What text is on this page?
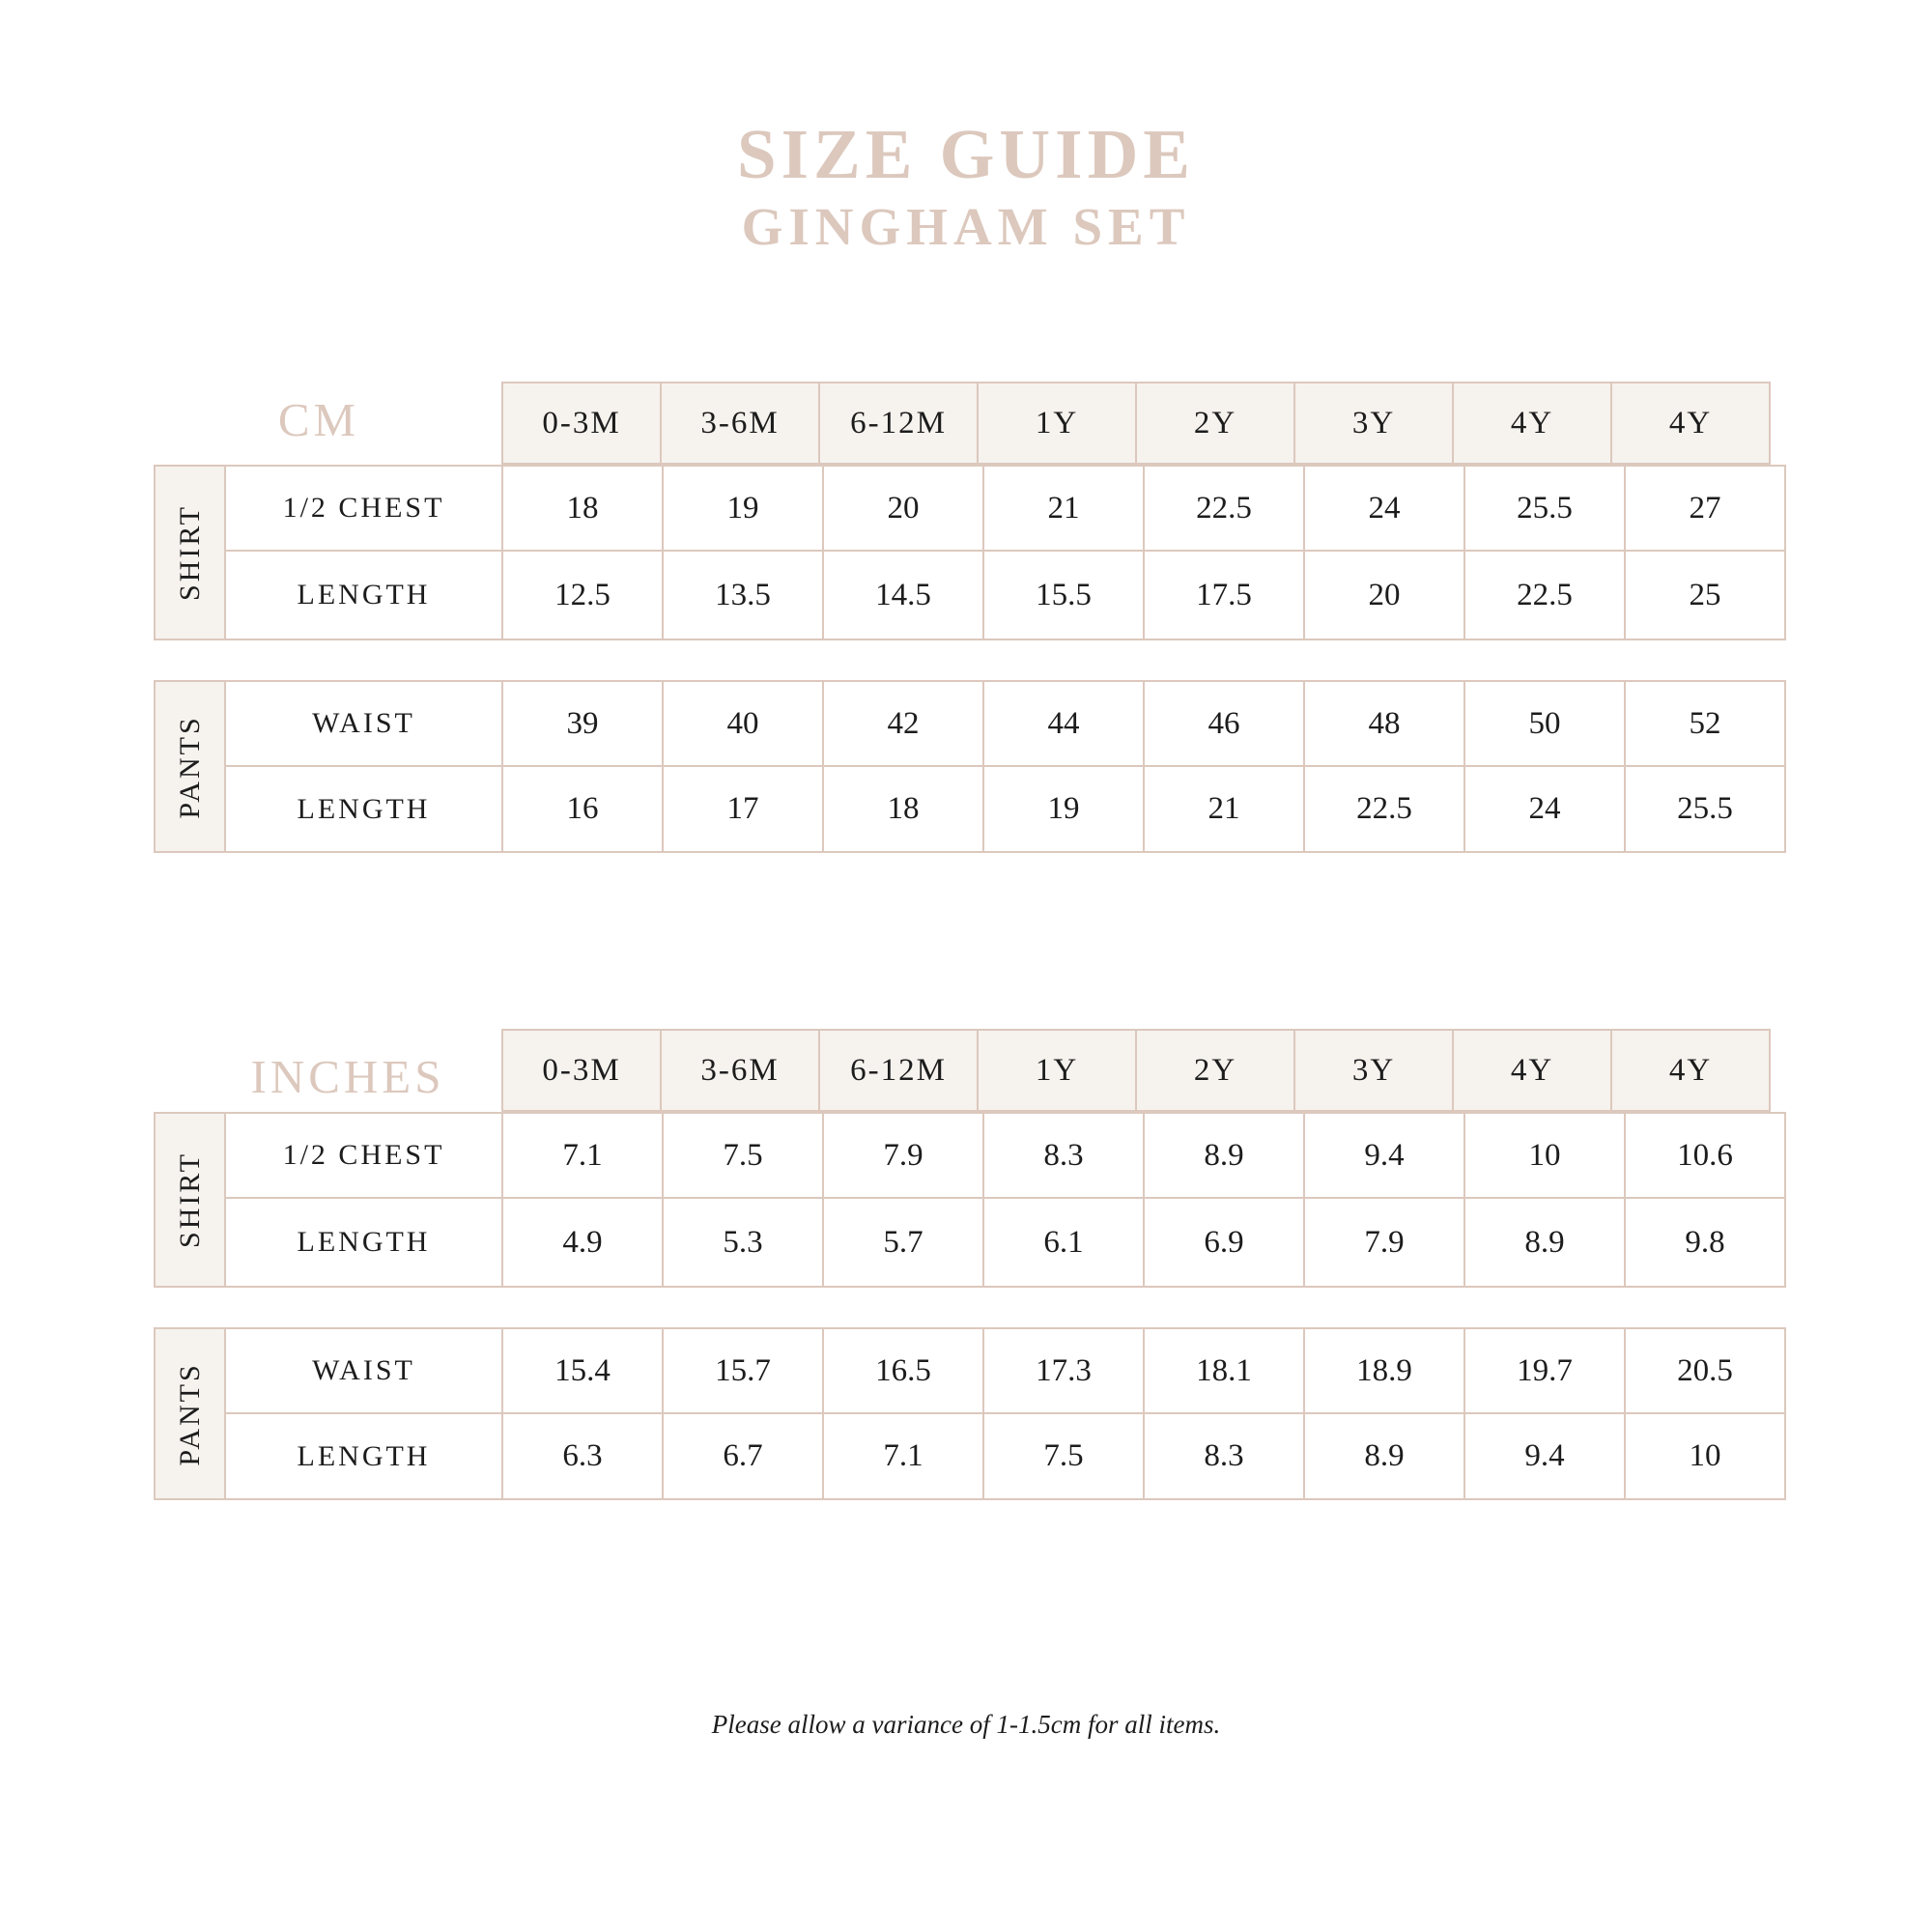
SIZE GUIDE
GINGHAM SET
CM	0-3M	3-6M	6-12M	1Y	2Y	3Y	4Y	4Y
SHIRT	1/2 CHEST	18	19	20	21	22.5	24	25.5	27
LENGTH	12.5	13.5	14.5	15.5	17.5	20	22.5	25
PANTS	WAIST	39	40	42	44	46	48	50	52
LENGTH	16	17	18	19	21	22.5	24	25.5
INCHES	0-3M	3-6M	6-12M	1Y	2Y	3Y	4Y	4Y
SHIRT	1/2 CHEST	7.1	7.5	7.9	8.3	8.9	9.4	10	10.6
LENGTH	4.9	5.3	5.7	6.1	6.9	7.9	8.9	9.8
PANTS	WAIST	15.4	15.7	16.5	17.3	18.1	18.9	19.7	20.5
LENGTH	6.3	6.7	7.1	7.5	8.3	8.9	9.4	10
Please allow a variance of 1-1.5cm for all items.
